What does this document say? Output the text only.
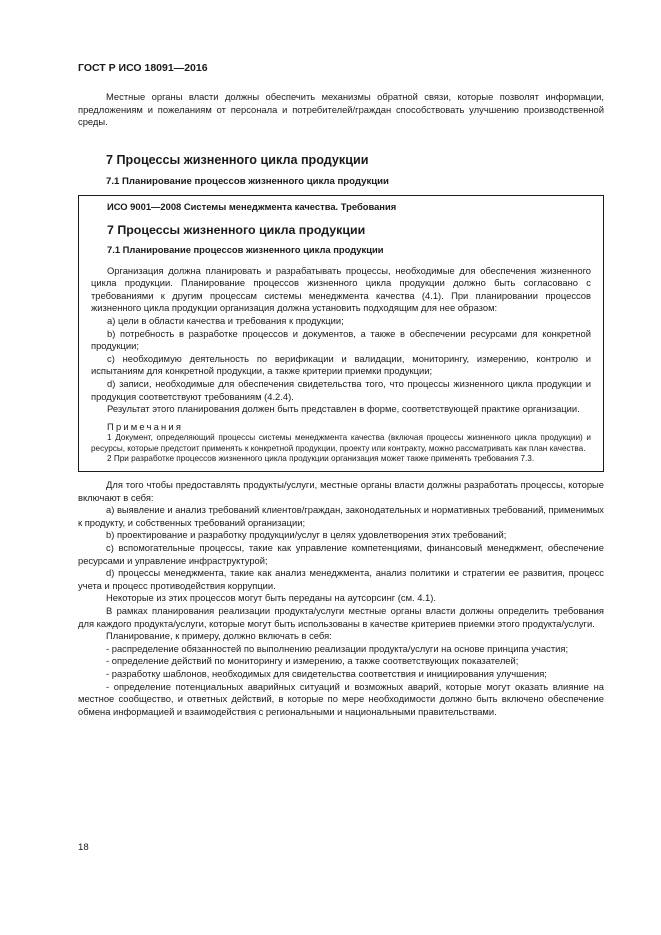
ГОСТ Р ИСО 18091—2016

Местные органы власти должны обеспечить механизмы обратной связи, которые позволят информации, предложениям и пожеланиям от персонала и потребителей/граждан способствовать улучшению производственной среды.

7 Процессы жизненного цикла продукции
7.1 Планирование процессов жизненного цикла продукции
ИСО 9001—2008 Системы менеджмента качества. Требования
7 Процессы жизненного цикла продукции
7.1 Планирование процессов жизненного цикла продукции

Организация должна планировать и разрабатывать процессы, необходимые для обеспечения жизненного цикла продукции. Планирование процессов жизненного цикла продукции должно быть согласовано с требованиями к другим процессам системы менеджмента качества (4.1). При планировании процессов жизненного цикла продукции организация должна установить подходящим для нее образом:

a) цели в области качества и требования к продукции;

b) потребность в разработке процессов и документов, а также в обеспечении ресурсами для конкретной продукции;

c) необходимую деятельность по верификации и валидации, мониторингу, измерению, контролю и испытаниям для конкретной продукции, а также критерии приемки продукции;

d) записи, необходимые для обеспечения свидетельства того, что процессы жизненного цикла продукции и продукция соответствуют требованиям (4.2.4).

Результат этого планирования должен быть представлен в форме, соответствующей практике организации.

Примечания

1 Документ, определяющий процессы системы менеджмента качества (включая процессы жизненного цикла продукции) и ресурсы, которые предстоит применять к конкретной продукции, проекту или контракту, можно рассматривать как план качества.

2 При разработке процессов жизненного цикла продукции организация может также применять требования 7.3.

Для того чтобы предоставлять продукты/услуги, местные органы власти должны разработать процессы, которые включают в себя:

a) выявление и анализ требований клиентов/граждан, законодательных и нормативных требований, применимых к продукту, и собственных требований организации;

b) проектирование и разработку продукции/услуг в целях удовлетворения этих требований;

c) вспомогательные процессы, такие как управление компетенциями, финансовый менеджмент, обеспечение ресурсами и управление инфраструктурой;

d) процессы менеджмента, такие как анализ менеджмента, анализ политики и стратегии ее развития, процесс учета и процесс противодействия коррупции.

Некоторые из этих процессов могут быть переданы на аутсорсинг (см. 4.1).

В рамках планирования реализации продукта/услуги местные органы власти должны определить требования для каждого продукта/услуги, которые могут быть использованы в качестве критериев приемки этого продукта/услуги.

Планирование, к примеру, должно включать в себя:

- распределение обязанностей по выполнению реализации продукта/услуги на основе принципа участия;

- определение действий по мониторингу и измерению, а также соответствующих показателей;

- разработку шаблонов, необходимых для свидетельства соответствия и инициирования улучшения;

- определение потенциальных аварийных ситуаций и возможных аварий, которые могут оказать влияние на местное сообщество, и ответных действий, в которые по мере необходимости должно быть включено обеспечение обмена информацией и взаимодействия с региональными и национальными правительствами.

18
